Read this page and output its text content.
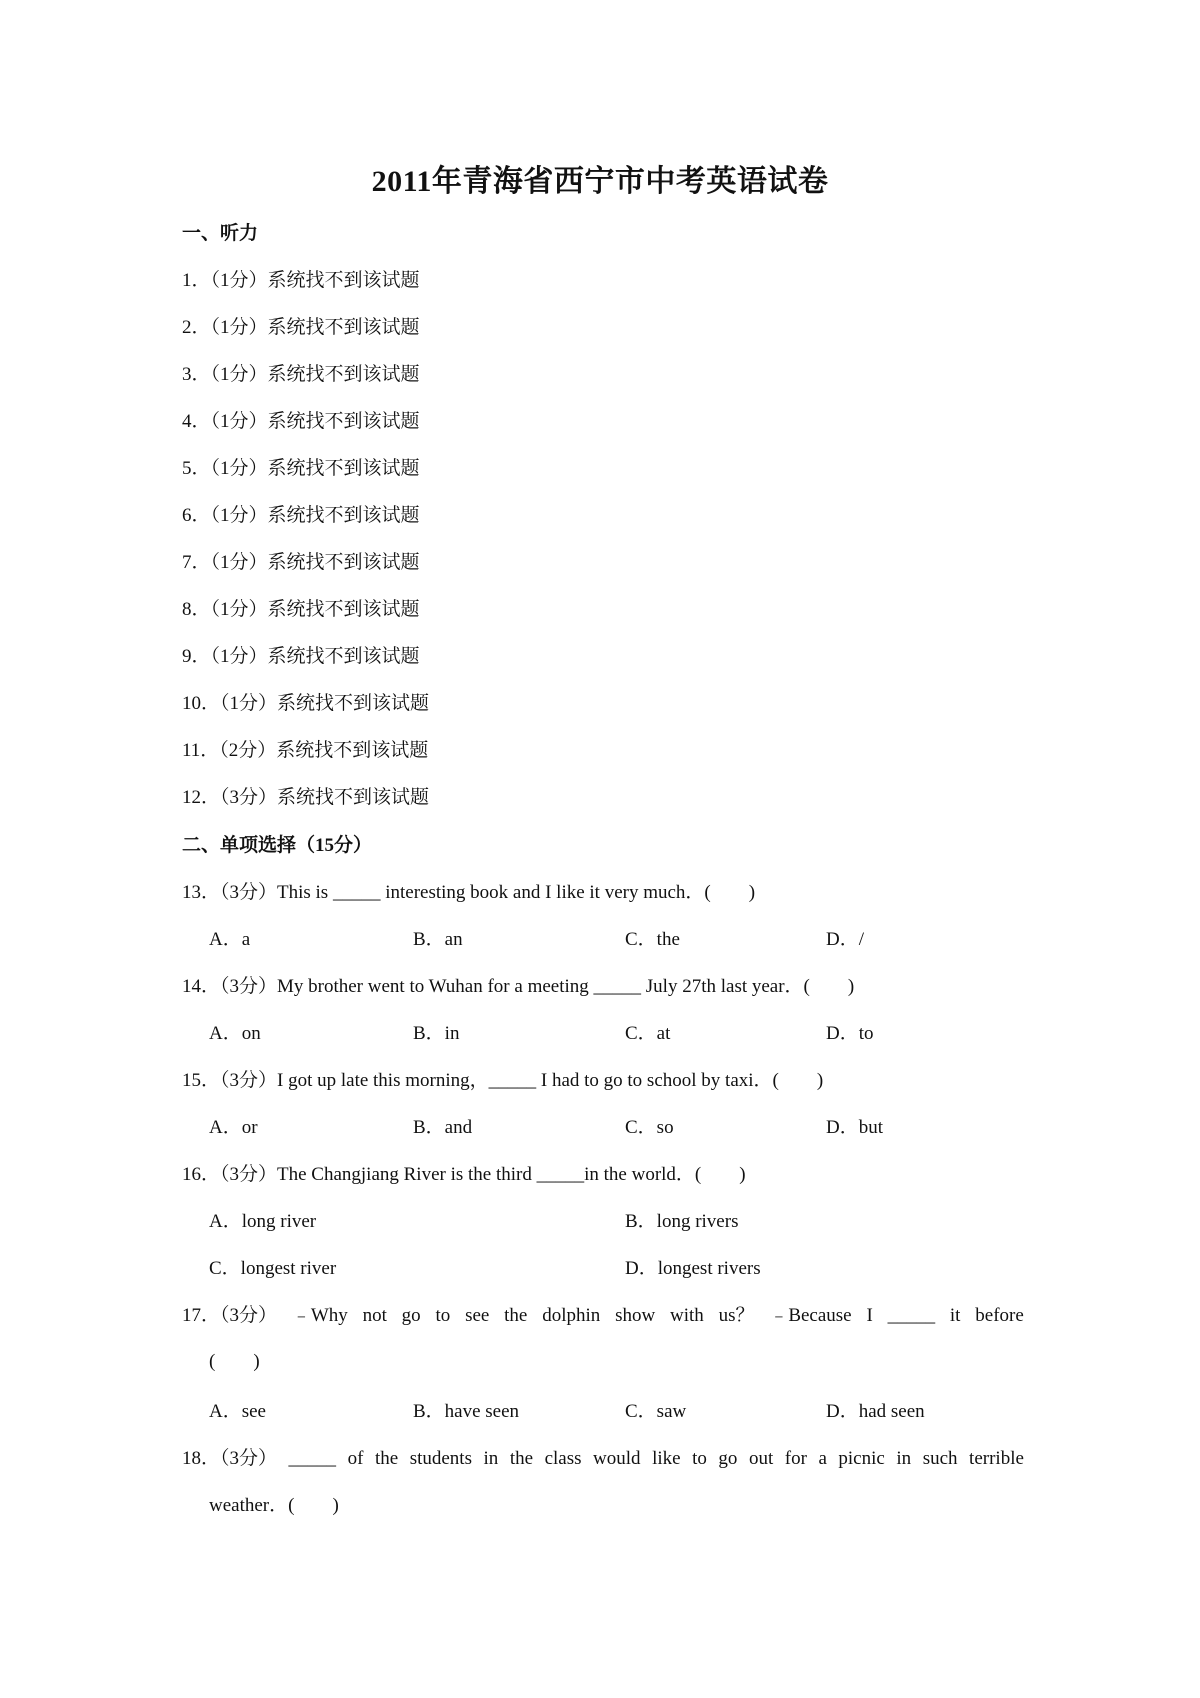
2011年青海省西宁市中考英语试卷
一、听力
1．（1分）系统找不到该试题
2．（1分）系统找不到该试题
3．（1分）系统找不到该试题
4．（1分）系统找不到该试题
5．（1分）系统找不到该试题
6．（1分）系统找不到该试题
7．（1分）系统找不到该试题
8．（1分）系统找不到该试题
9．（1分）系统找不到该试题
10．（1分）系统找不到该试题
11．（2分）系统找不到该试题
12．（3分）系统找不到该试题
二、单项选择（15分）
13．（3分）This is _____ interesting book and I like it very much．(　　)
A．a	B．an	C．the	D．/
14．（3分）My brother went to Wuhan for a meeting _____ July 27th last year．(　　)
A．on	B．in	C．at	D．to
15．（3分）I got up late this morning，_____ I had to go to school by taxi．(　　)
A．or	B．and	C．so	D．but
16．（3分）The Changjiang River is the third _____in the world．(　　)
A．long river	B．long rivers
C．longest river	D．longest rivers
17．（3分） ﹣Why not go to see the dolphin show with us？ ﹣Because I _____ it before
(　　)
A．see	B．have seen	C．saw	D．had seen
18．（3分） _____ of the students in the class would like to go out for a picnic in such terrible
weather．(　　)
